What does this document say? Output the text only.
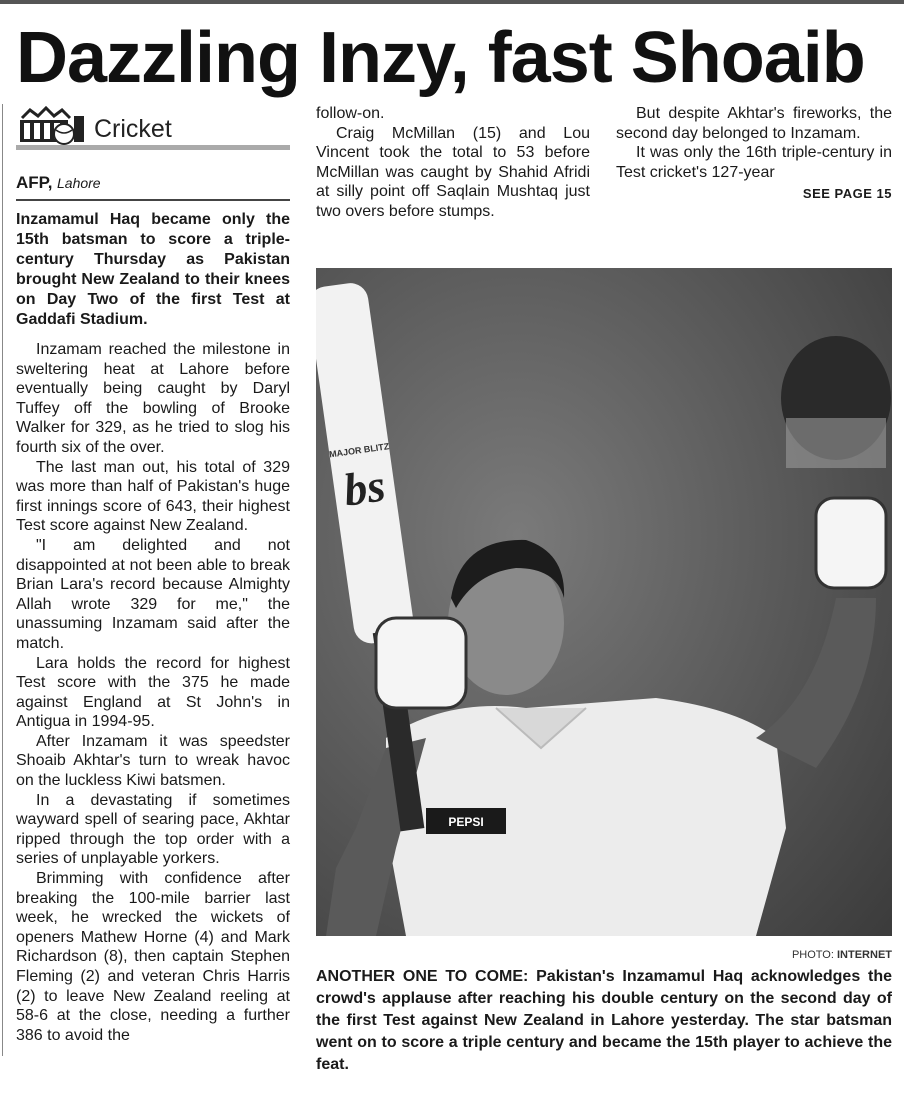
Dazzling Inzy, fast Shoaib
Cricket
AFP, Lahore
Inzamamul Haq became only the 15th batsman to score a triple-century Thursday as Pakistan brought New Zealand to their knees on Day Two of the first Test at Gaddafi Stadium.

Inzamam reached the milestone in sweltering heat at Lahore before eventually being caught by Daryl Tuffey off the bowling of Brooke Walker for 329, as he tried to slog his fourth six of the over.

The last man out, his total of 329 was more than half of Pakistan's huge first innings score of 643, their highest Test score against New Zealand.

"I am delighted and not disappointed at not been able to break Brian Lara's record because Almighty Allah wrote 329 for me," the unassuming Inzamam said after the match.

Lara holds the record for highest Test score with the 375 he made against England at St John's in Antigua in 1994-95.

After Inzamam it was speedster Shoaib Akhtar's turn to wreak havoc on the luckless Kiwi batsmen.

In a devastating if sometimes wayward spell of searing pace, Akhtar ripped through the top order with a series of unplayable yorkers.

Brimming with confidence after breaking the 100-mile barrier last week, he wrecked the wickets of openers Mathew Horne (4) and Mark Richardson (8), then captain Stephen Fleming (2) and veteran Chris Harris (2) to leave New Zealand reeling at 58-6 at the close, needing a further 386 to avoid the

follow-on.

Craig McMillan (15) and Lou Vincent took the total to 53 before McMillan was caught by Shahid Afridi at silly point off Saqlain Mushtaq just two overs before stumps.

But despite Akhtar's fireworks, the second day belonged to Inzamam.

It was only the 16th triple-century in Test cricket's 127-year

SEE PAGE 15
bs
MAJOR BLITZ
PEPSI
PHOTO: INTERNET
ANOTHER ONE TO COME: Pakistan's Inzamamul Haq acknowledges the crowd's applause after reaching his double century on the second day of the first Test against New Zealand in Lahore yesterday. The star batsman went on to score a triple century and became the 15th player to achieve the feat.
